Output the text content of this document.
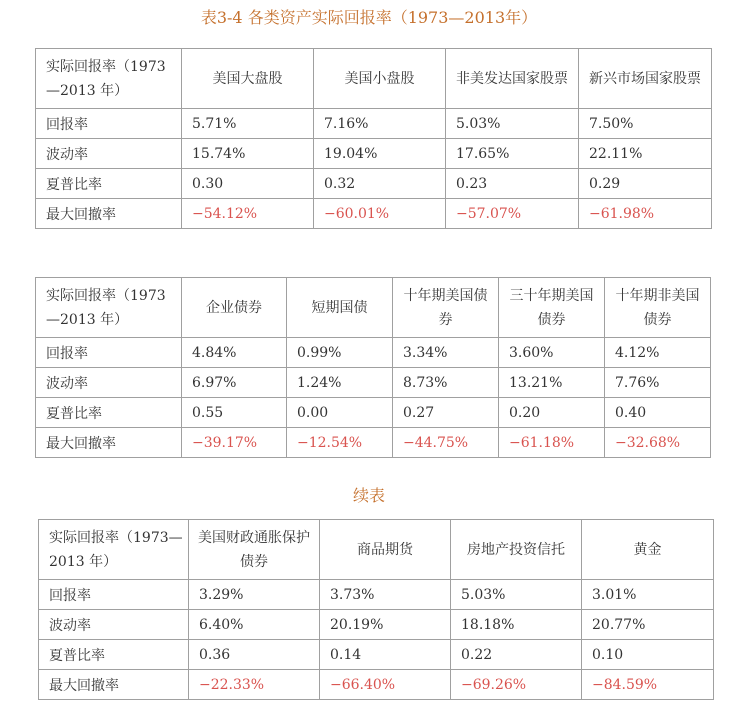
表3-4 各类资产实际回报率（1973—2013年）
实际回报率（1973—2013 年）	美国大盘股	美国小盘股	非美发达国家股票	新兴市场国家股票
回报率	5.71%	7.16%	5.03%	7.50%
波动率	15.74%	19.04%	17.65%	22.11%
夏普比率	0.30	0.32	0.23	0.29
最大回撤率	−54.12%	−60.01%	−57.07%	−61.98%
实际回报率（1973—2013 年）	企业债券	短期国债	十年期美国债券	三十年期美国债券	十年期非美国债券
回报率	4.84%	0.99%	3.34%	3.60%	4.12%
波动率	6.97%	1.24%	8.73%	13.21%	7.76%
夏普比率	0.55	0.00	0.27	0.20	0.40
最大回撤率	−39.17%	−12.54%	−44.75%	−61.18%	−32.68%
续表
实际回报率（1973—2013 年）	美国财政通胀保护债券	商品期货	房地产投资信托	黄金
回报率	3.29%	3.73%	5.03%	3.01%
波动率	6.40%	20.19%	18.18%	20.77%
夏普比率	0.36	0.14	0.22	0.10
最大回撤率	−22.33%	−66.40%	−69.26%	−84.59%
